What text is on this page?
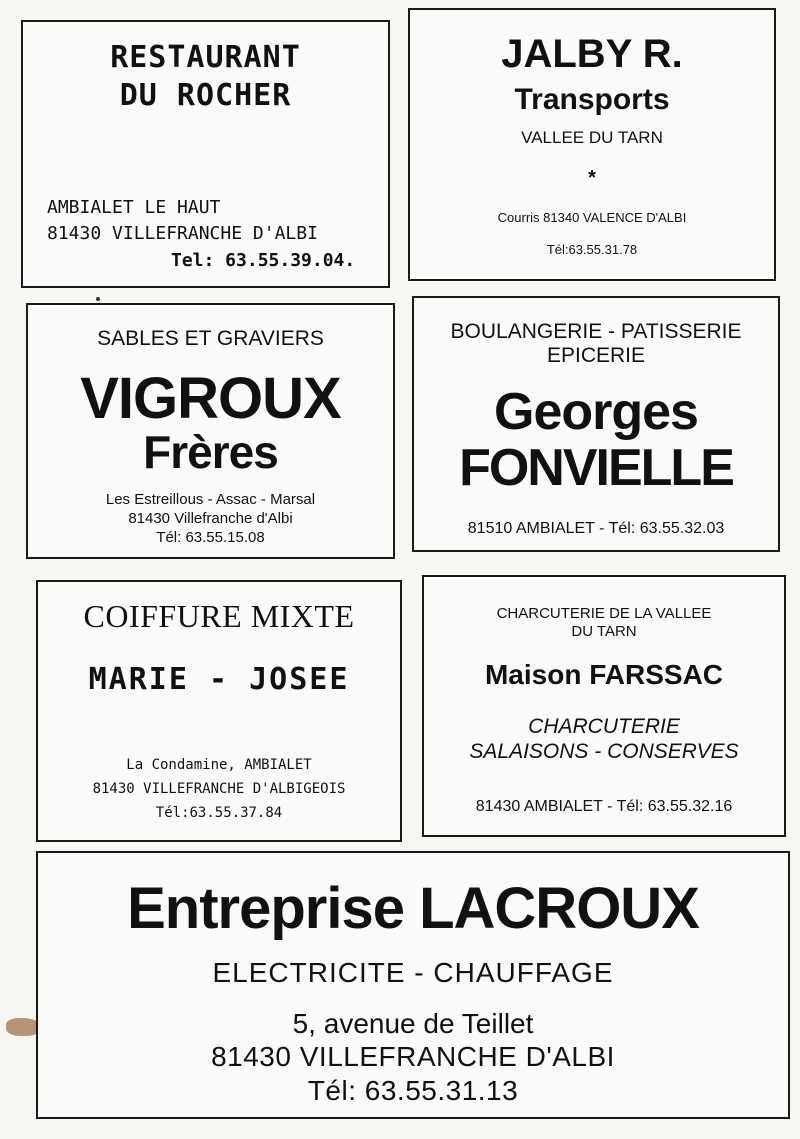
RESTAURANT
DU ROCHER
AMBIALET LE HAUT
81430 VILLEFRANCHE D'ALBI
Tel: 63.55.39.04.
JALBY R.
Transports
VALLEE DU TARN
*
Courris 81340 VALENCE D'ALBI
Tél:63.55.31.78
SABLES ET GRAVIERS
VIGROUX
Frères
Les Estreillous - Assac - Marsal
81430 Villefranche d'Albi
Tél: 63.55.15.08
BOULANGERIE - PATISSERIE
EPICERIE
Georges
FONVIELLE
81510 AMBIALET - Tél: 63.55.32.03
COIFFURE MIXTE
MARIE - JOSEE
La Condamine, AMBIALET
81430 VILLEFRANCHE D'ALBIGEOIS
Tél:63.55.37.84
CHARCUTERIE DE LA VALLEE
DU TARN
Maison FARSSAC
CHARCUTERIE
SALAISONS - CONSERVES
81430 AMBIALET - Tél: 63.55.32.16
Entreprise LACROUX
ELECTRICITE - CHAUFFAGE
5, avenue de Teillet
81430 VILLEFRANCHE D'ALBI
Tél: 63.55.31.13
